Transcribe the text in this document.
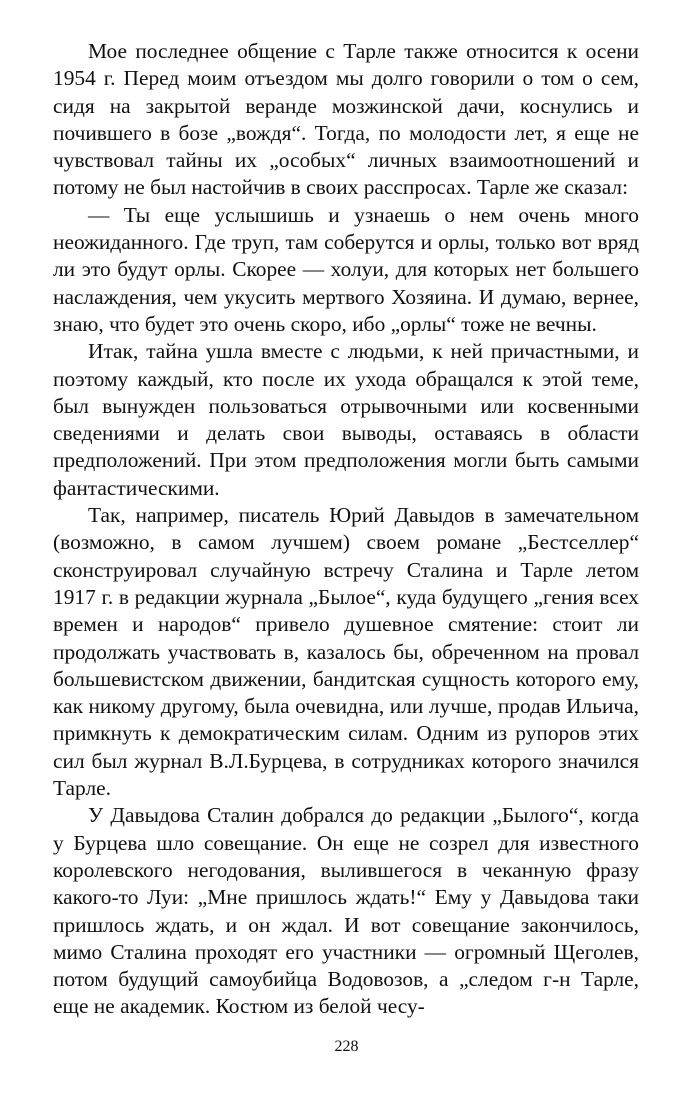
Мое последнее общение с Тарле также относится к осени 1954 г. Перед моим отъездом мы долго говорили о том о сем, сидя на закрытой веранде мозжинской дачи, коснулись и почившего в бозе „вождя“. Тогда, по молодости лет, я еще не чувствовал тайны их „особых“ личных взаимоотношений и потому не был настойчив в своих расспросах. Тарле же сказал:

— Ты еще услышишь и узнаешь о нем очень много неожиданного. Где труп, там соберутся и орлы, только вот вряд ли это будут орлы. Скорее — холуи, для которых нет большего наслаждения, чем укусить мертвого Хозяина. И думаю, вернее, знаю, что будет это очень скоро, ибо „орлы“ тоже не вечны.

Итак, тайна ушла вместе с людьми, к ней причастными, и поэтому каждый, кто после их ухода обращался к этой теме, был вынужден пользоваться отрывочными или косвенными сведениями и делать свои выводы, оставаясь в области предположений. При этом предположения могли быть самыми фантастическими.

Так, например, писатель Юрий Давыдов в замечательном (возможно, в самом лучшем) своем романе „Бестселлер“ сконструировал случайную встречу Сталина и Тарле летом 1917 г. в редакции журнала „Былое“, куда будущего „гения всех времен и народов“ привело душевное смятение: стоит ли продолжать участвовать в, казалось бы, обреченном на провал большевистском движении, бандитская сущность которого ему, как никому другому, была очевидна, или лучше, продав Ильича, примкнуть к демократическим силам. Одним из рупоров этих сил был журнал В.Л.Бурцева, в сотрудниках которого значился Тарле.

У Давыдова Сталин добрался до редакции „Былого“, когда у Бурцева шло совещание. Он еще не созрел для известного королевского негодования, вылившегося в чеканную фразу какого-то Луи: „Мне пришлось ждать!“ Ему у Давыдова таки пришлось ждать, и он ждал. И вот совещание закончилось, мимо Сталина проходят его участники — огромный Щеголев, потом будущий самоубийца Водовозов, а „следом г-н Тарле, еще не академик. Костюм из белой чесу-

228
